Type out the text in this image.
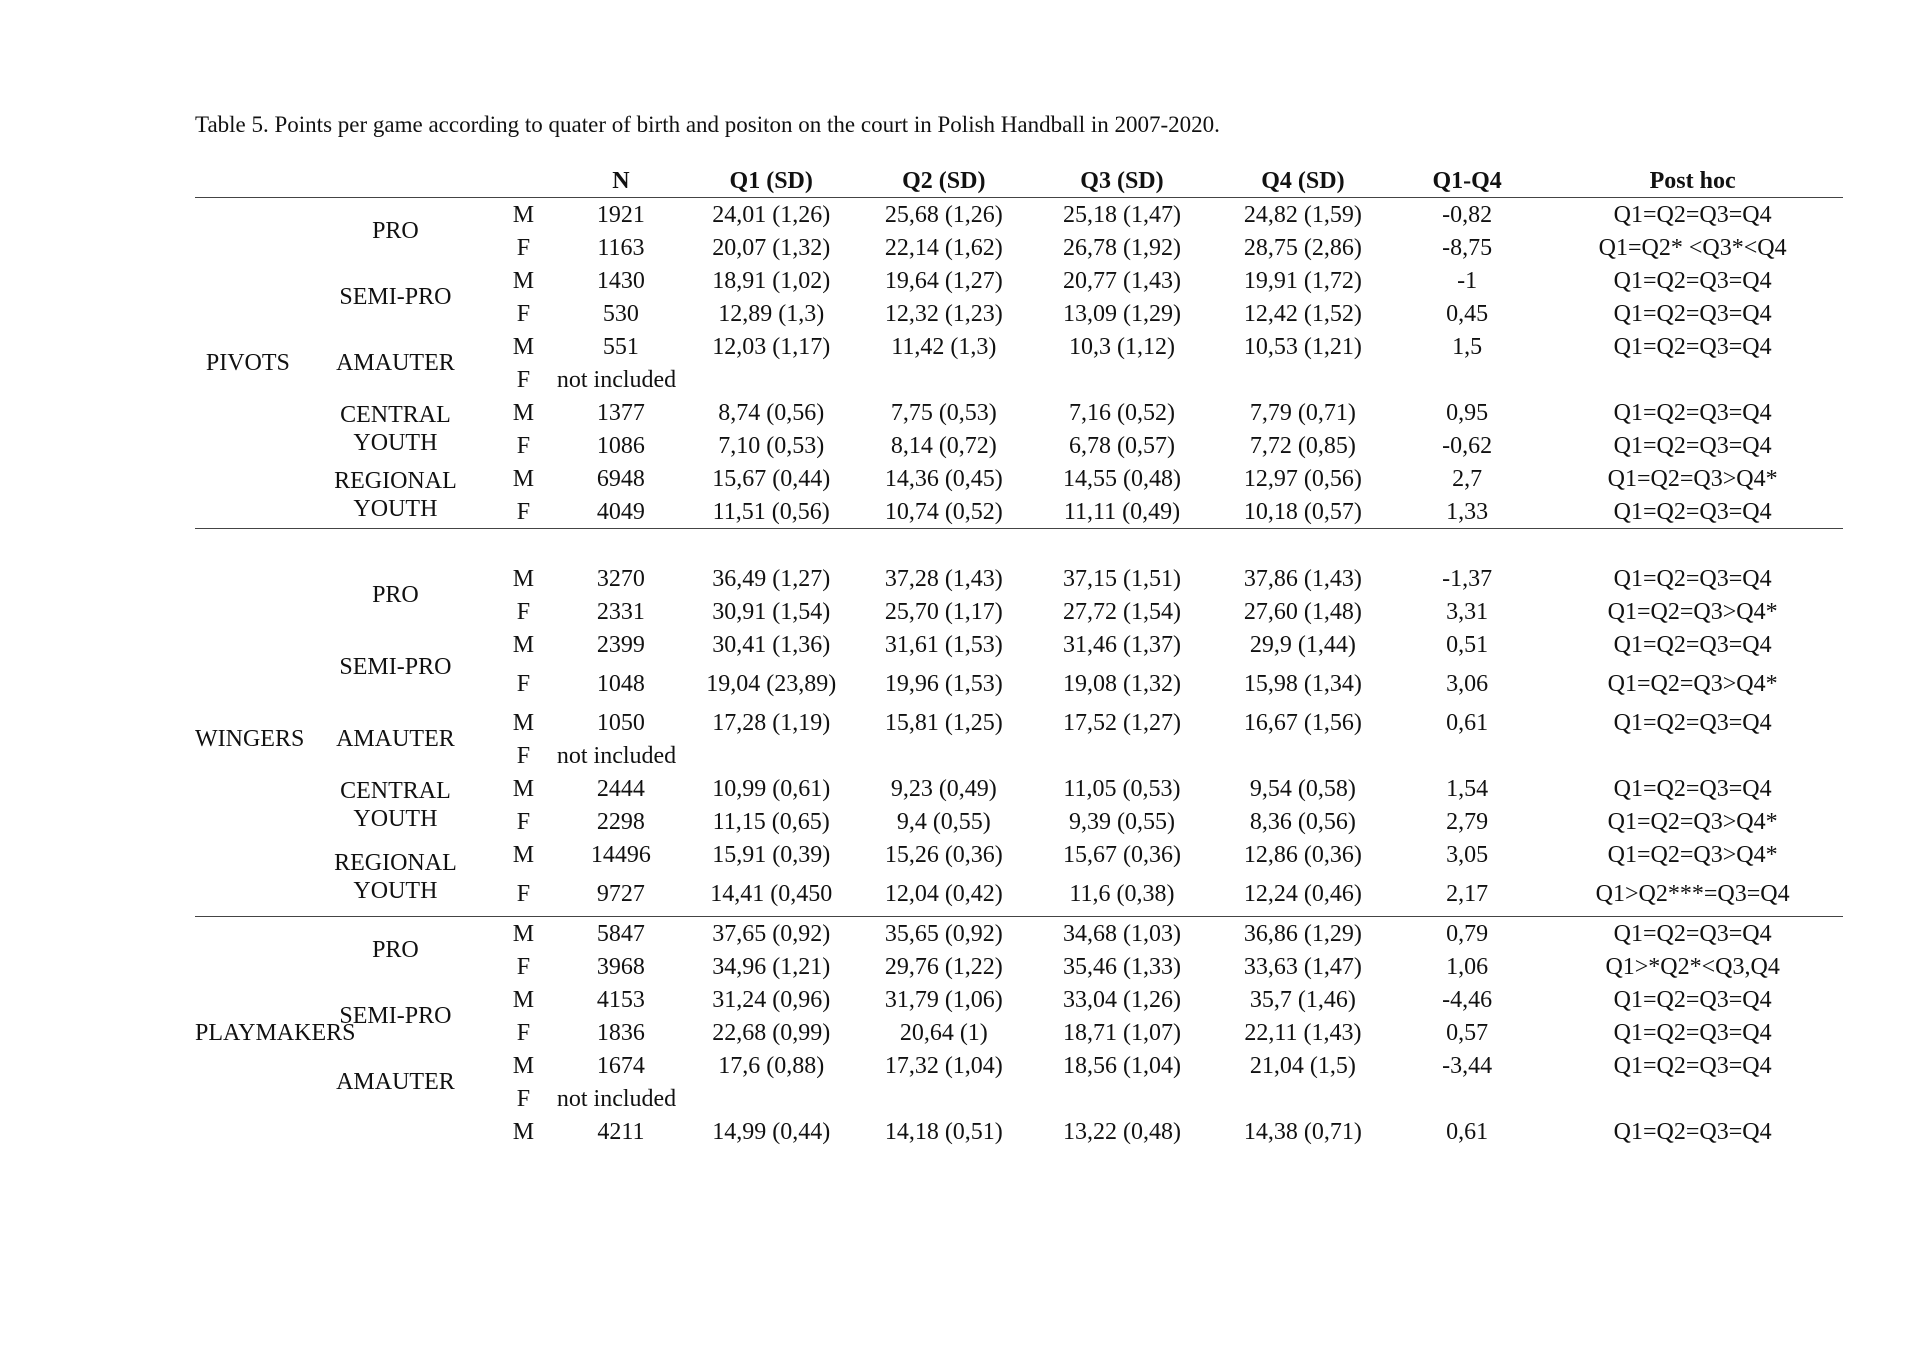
Table 5. Points per game according to quater of birth and positon on the court in Polish Handball in 2007-2020.
			N	Q1 (SD)	Q2 (SD)	Q3 (SD)	Q4 (SD)	Q1-Q4	Post hoc
PIVOTS	PRO	M	1921	24,01 (1,26)	25,68 (1,26)	25,18 (1,47)	24,82 (1,59)	-0,82	Q1=Q2=Q3=Q4
		F	1163	20,07 (1,32)	22,14 (1,62)	26,78 (1,92)	28,75 (2,86)	-8,75	Q1=Q2* <Q3*<Q4
	SEMI-PRO	M	1430	18,91 (1,02)	19,64 (1,27)	20,77 (1,43)	19,91 (1,72)	-1	Q1=Q2=Q3=Q4
		F	530	12,89 (1,3)	12,32 (1,23)	13,09 (1,29)	12,42 (1,52)	0,45	Q1=Q2=Q3=Q4
	AMAUTER	M	551	12,03 (1,17)	11,42 (1,3)	10,3 (1,12)	10,53 (1,21)	1,5	Q1=Q2=Q3=Q4
		F	not included						
	CENTRAL YOUTH	M	1377	8,74 (0,56)	7,75 (0,53)	7,16 (0,52)	7,79 (0,71)	0,95	Q1=Q2=Q3=Q4
		F	1086	7,10 (0,53)	8,14 (0,72)	6,78 (0,57)	7,72 (0,85)	-0,62	Q1=Q2=Q3=Q4
	REGIONAL YOUTH	M	6948	15,67 (0,44)	14,36 (0,45)	14,55 (0,48)	12,97 (0,56)	2,7	Q1=Q2=Q3>Q4*
		F	4049	11,51 (0,56)	10,74 (0,52)	11,11 (0,49)	10,18 (0,57)	1,33	Q1=Q2=Q3=Q4

WINGERS	PRO	M	3270	36,49 (1,27)	37,28 (1,43)	37,15 (1,51)	37,86 (1,43)	-1,37	Q1=Q2=Q3=Q4
		F	2331	30,91 (1,54)	25,70 (1,17)	27,72 (1,54)	27,60 (1,48)	3,31	Q1=Q2=Q3>Q4*
	SEMI-PRO	M	2399	30,41 (1,36)	31,61 (1,53)	31,46 (1,37)	29,9 (1,44)	0,51	Q1=Q2=Q3=Q4
		F	1048	19,04 (23,89)	19,96 (1,53)	19,08 (1,32)	15,98 (1,34)	3,06	Q1=Q2=Q3>Q4*
	AMAUTER	M	1050	17,28 (1,19)	15,81 (1,25)	17,52 (1,27)	16,67 (1,56)	0,61	Q1=Q2=Q3=Q4
		F	not included						
	CENTRAL YOUTH	M	2444	10,99 (0,61)	9,23 (0,49)	11,05 (0,53)	9,54 (0,58)	1,54	Q1=Q2=Q3=Q4
		F	2298	11,15 (0,65)	9,4 (0,55)	9,39 (0,55)	8,36 (0,56)	2,79	Q1=Q2=Q3>Q4*
	REGIONAL YOUTH	M	14496	15,91 (0,39)	15,26 (0,36)	15,67 (0,36)	12,86 (0,36)	3,05	Q1=Q2=Q3>Q4*
		F	9727	14,41 (0,450	12,04 (0,42)	11,6 (0,38)	12,24 (0,46)	2,17	Q1>Q2***=Q3=Q4
PLAYMAKERS	PRO	M	5847	37,65 (0,92)	35,65 (0,92)	34,68 (1,03)	36,86 (1,29)	0,79	Q1=Q2=Q3=Q4
		F	3968	34,96 (1,21)	29,76 (1,22)	35,46 (1,33)	33,63 (1,47)	1,06	Q1>*Q2*<Q3,Q4
	SEMI-PRO	M	4153	31,24 (0,96)	31,79 (1,06)	33,04 (1,26)	35,7 (1,46)	-4,46	Q1=Q2=Q3=Q4
		F	1836	22,68 (0,99)	20,64 (1)	18,71 (1,07)	22,11 (1,43)	0,57	Q1=Q2=Q3=Q4
	AMAUTER	M	1674	17,6 (0,88)	17,32 (1,04)	18,56 (1,04)	21,04 (1,5)	-3,44	Q1=Q2=Q3=Q4
		F	not included						
		M	4211	14,99 (0,44)	14,18 (0,51)	13,22 (0,48)	14,38 (0,71)	0,61	Q1=Q2=Q3=Q4
